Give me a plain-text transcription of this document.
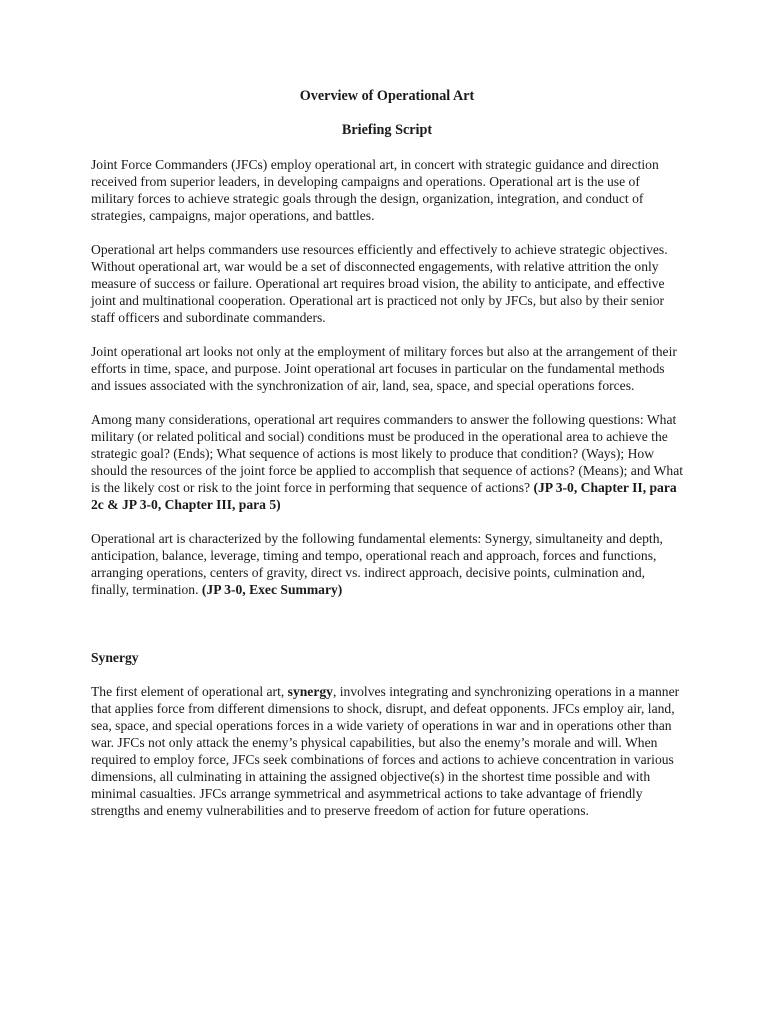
Overview of Operational Art
Briefing Script

Joint Force Commanders (JFCs) employ operational art, in concert with strategic guidance and direction received from superior leaders, in developing campaigns and operations. Operational art is the use of military forces to achieve strategic goals through the design, organization, integration, and conduct of strategies, campaigns, major operations, and battles.

Operational art helps commanders use resources efficiently and effectively to achieve strategic objectives. Without operational art, war would be a set of disconnected engagements, with relative attrition the only measure of success or failure. Operational art requires broad vision, the ability to anticipate, and effective joint and multinational cooperation. Operational art is practiced not only by JFCs, but also by their senior staff officers and subordinate commanders.

Joint operational art looks not only at the employment of military forces but also at the arrangement of their efforts in time, space, and purpose. Joint operational art focuses in particular on the fundamental methods and issues associated with the synchronization of air, land, sea, space, and special operations forces.

Among many considerations, operational art requires commanders to answer the following questions: What military (or related political and social) conditions must be produced in the operational area to achieve the strategic goal? (Ends); What sequence of actions is most likely to produce that condition? (Ways); How should the resources of the joint force be applied to accomplish that sequence of actions? (Means); and What is the likely cost or risk to the joint force in performing that sequence of actions? (JP 3-0, Chapter II, para 2c & JP 3-0, Chapter III, para 5)

Operational art is characterized by the following fundamental elements: Synergy, simultaneity and depth, anticipation, balance, leverage, timing and tempo, operational reach and approach, forces and functions, arranging operations, centers of gravity, direct vs. indirect approach, decisive points, culmination and, finally, termination. (JP 3-0, Exec Summary)

Synergy

The first element of operational art, synergy, involves integrating and synchronizing operations in a manner that applies force from different dimensions to shock, disrupt, and defeat opponents. JFCs employ air, land, sea, space, and special operations forces in a wide variety of operations in war and in operations other than war. JFCs not only attack the enemy’s physical capabilities, but also the enemy’s morale and will. When required to employ force, JFCs seek combinations of forces and actions to achieve concentration in various dimensions, all culminating in attaining the assigned objective(s) in the shortest time possible and with minimal casualties. JFCs arrange symmetrical and asymmetrical actions to take advantage of friendly strengths and enemy vulnerabilities and to preserve freedom of action for future operations.
